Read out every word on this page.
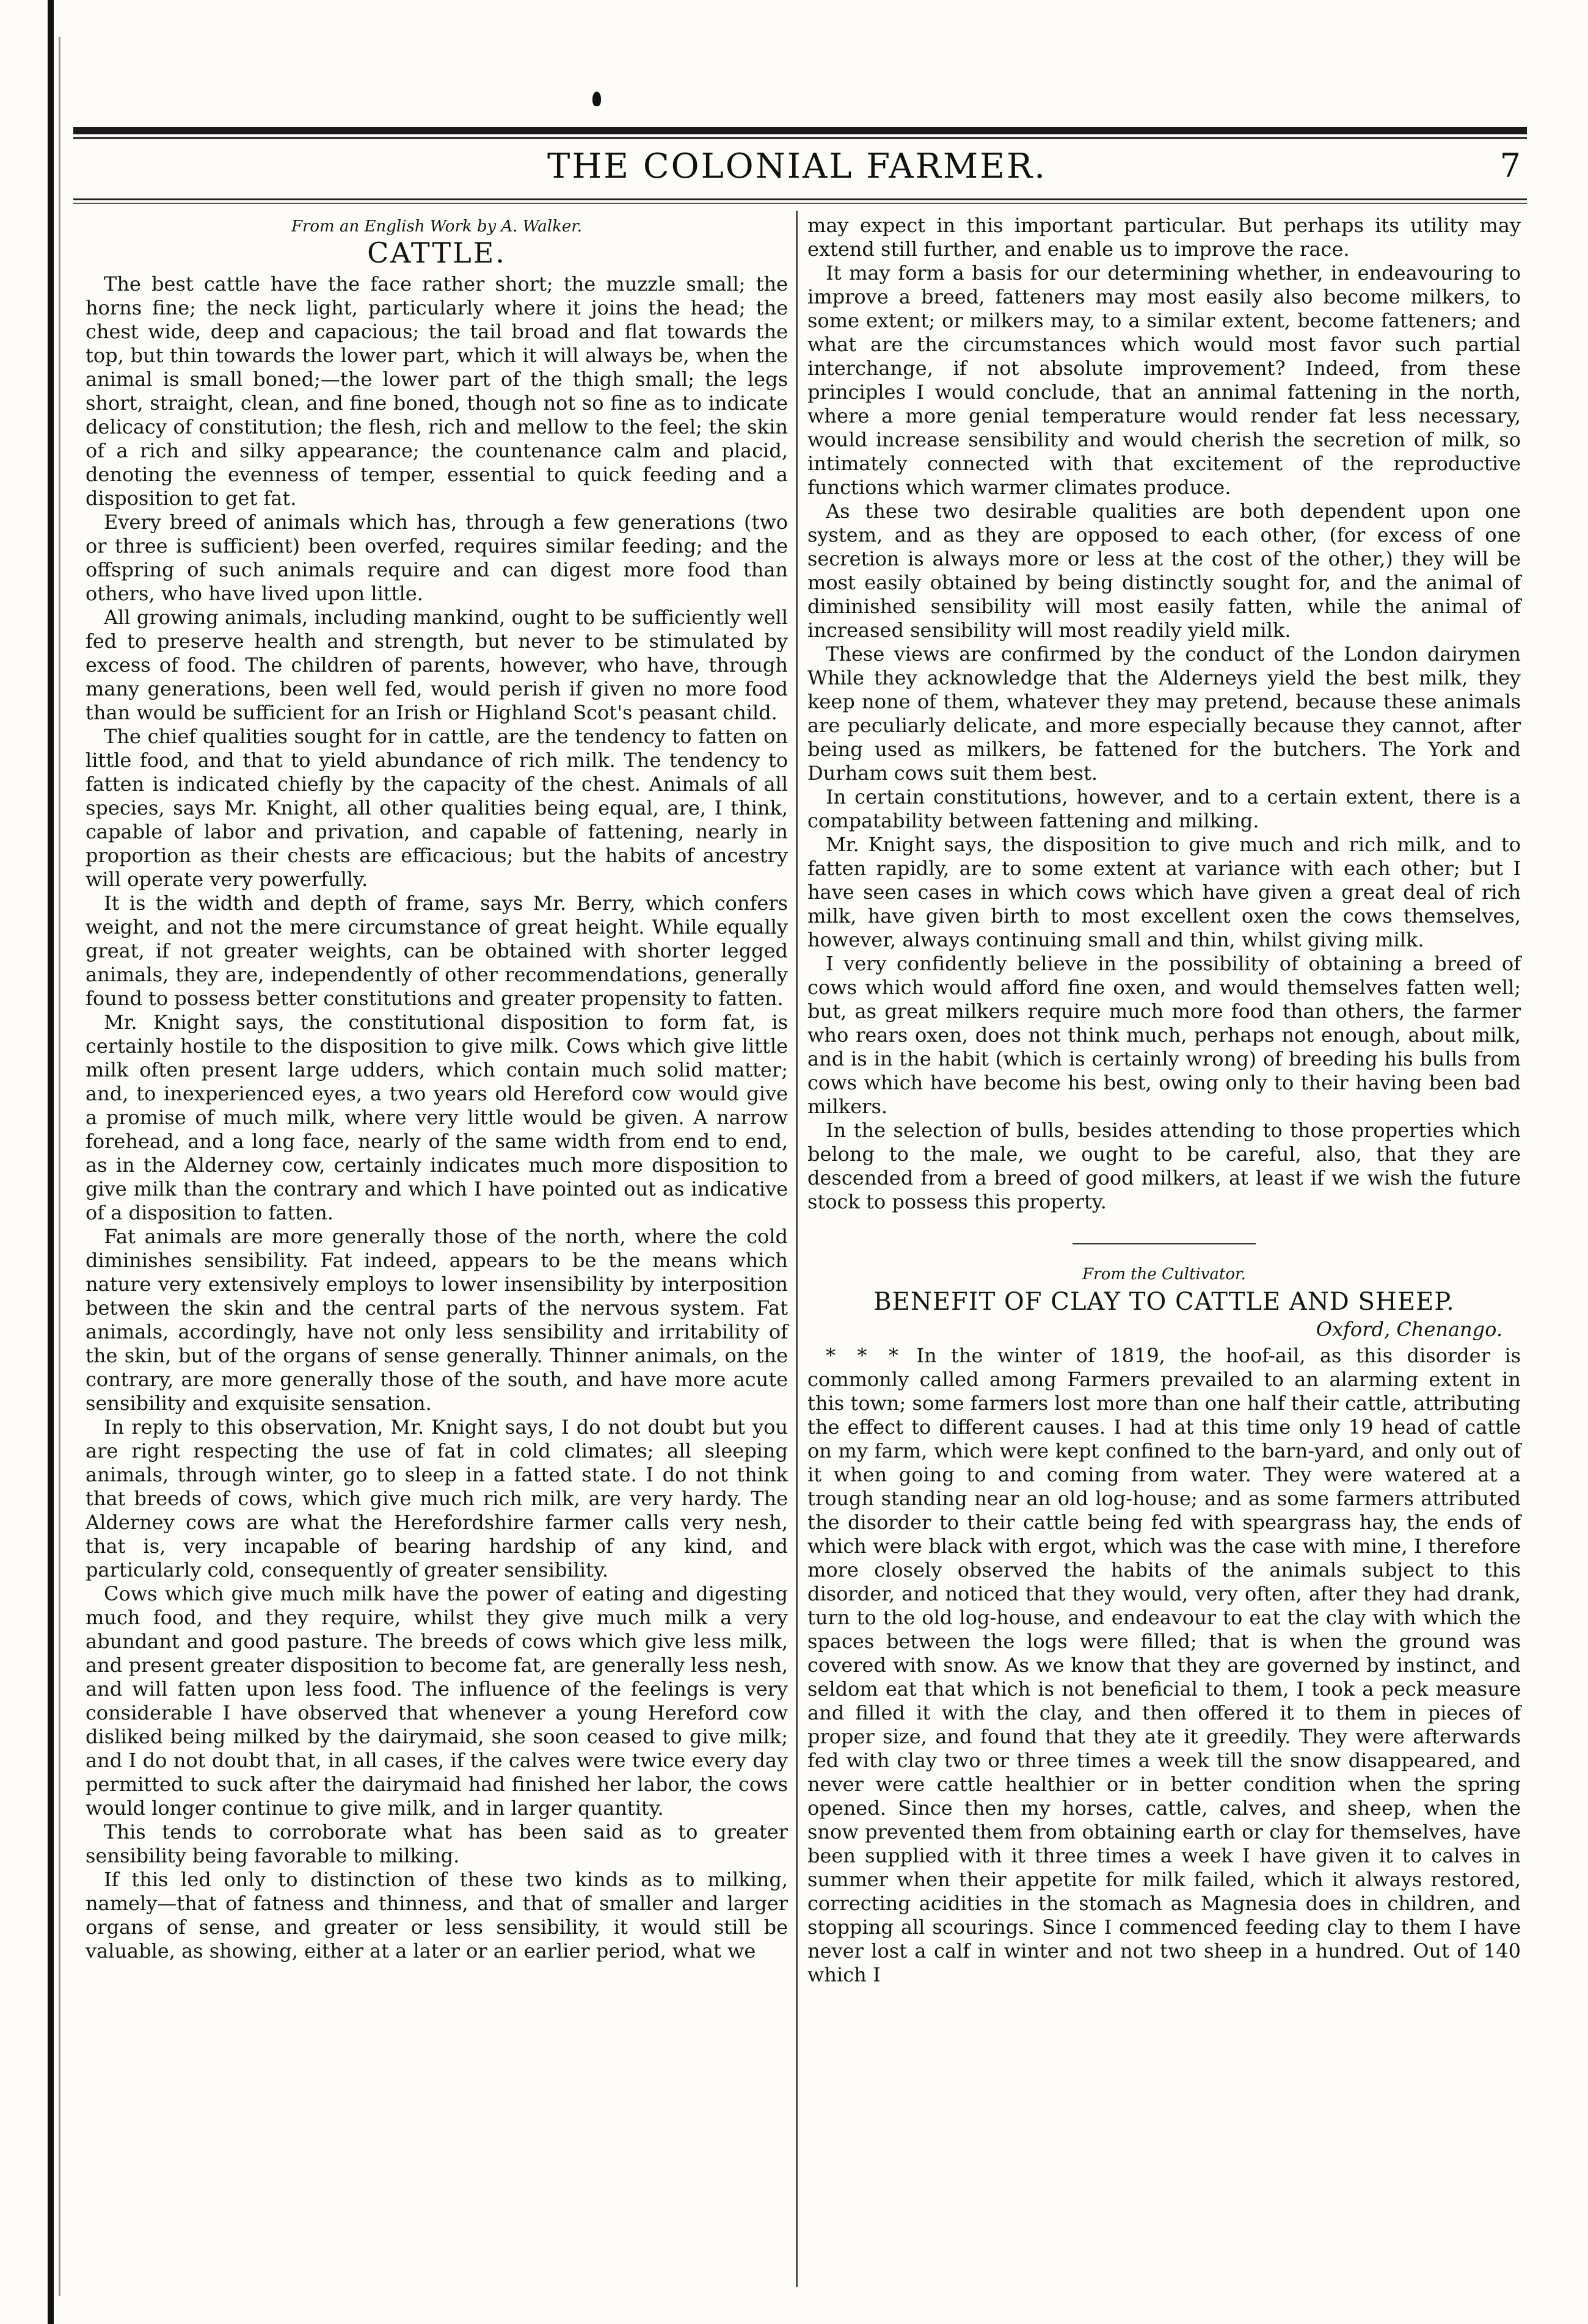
THE COLONIAL FARMER.	7
From an English Work by A. Walker.
CATTLE.

The best cattle have the face rather short; the muzzle small; the horns fine; the neck light, particularly where it joins the head; the chest wide, deep and capacious; the tail broad and flat towards the top, but thin towards the lower part, which it will always be, when the animal is small boned;—the lower part of the thigh small; the legs short, straight, clean, and fine boned, though not so fine as to indicate delicacy of constitution; the flesh, rich and mellow to the feel; the skin of a rich and silky appearance; the countenance calm and placid, denoting the evenness of temper, essential to quick feeding and a disposition to get fat.

Every breed of animals which has, through a few generations (two or three is sufficient) been overfed, requires similar feeding; and the offspring of such animals require and can digest more food than others, who have lived upon little.

All growing animals, including mankind, ought to be sufficiently well fed to preserve health and strength, but never to be stimulated by excess of food. The children of parents, however, who have, through many generations, been well fed, would perish if given no more food than would be sufficient for an Irish or Highland Scot's peasant child.

The chief qualities sought for in cattle, are the tendency to fatten on little food, and that to yield abundance of rich milk. The tendency to fatten is indicated chiefly by the capacity of the chest. Animals of all species, says Mr. Knight, all other qualities being equal, are, I think, capable of labor and privation, and capable of fattening, nearly in proportion as their chests are efficacious; but the habits of ancestry will operate very powerfully.

It is the width and depth of frame, says Mr. Berry, which confers weight, and not the mere circumstance of great height. While equally great, if not greater weights, can be obtained with shorter legged animals, they are, independently of other recommendations, generally found to possess better constitutions and greater propensity to fatten.

Mr. Knight says, the constitutional disposition to form fat, is certainly hostile to the disposition to give milk. Cows which give little milk often present large udders, which contain much solid matter; and, to inexperienced eyes, a two years old Hereford cow would give a promise of much milk, where very little would be given. A narrow forehead, and a long face, nearly of the same width from end to end, as in the Alderney cow, certainly indicates much more disposition to give milk than the contrary and which I have pointed out as indicative of a disposition to fatten.

Fat animals are more generally those of the north, where the cold diminishes sensibility. Fat indeed, appears to be the means which nature very extensively employs to lower insensibility by interposition between the skin and the central parts of the nervous system. Fat animals, accordingly, have not only less sensibility and irritability of the skin, but of the organs of sense generally. Thinner animals, on the contrary, are more generally those of the south, and have more acute sensibility and exquisite sensation.

In reply to this observation, Mr. Knight says, I do not doubt but you are right respecting the use of fat in cold climates; all sleeping animals, through winter, go to sleep in a fatted state. I do not think that breeds of cows, which give much rich milk, are very hardy. The Alderney cows are what the Herefordshire farmer calls very nesh, that is, very incapable of bearing hardship of any kind, and particularly cold, consequently of greater sensibility.

Cows which give much milk have the power of eating and digesting much food, and they require, whilst they give much milk a very abundant and good pasture. The breeds of cows which give less milk, and present greater disposition to become fat, are generally less nesh, and will fatten upon less food. The influence of the feelings is very considerable I have observed that whenever a young Hereford cow disliked being milked by the dairymaid, she soon ceased to give milk; and I do not doubt that, in all cases, if the calves were twice every day permitted to suck after the dairymaid had finished her labor, the cows would longer continue to give milk, and in larger quantity.

This tends to corroborate what has been said as to greater sensibility being favorable to milking.

If this led only to distinction of these two kinds as to milking, namely—that of fatness and thinness, and that of smaller and larger organs of sense, and greater or less sensibility, it would still be valuable, as showing, either at a later or an earlier period, what we

may expect in this important particular. But perhaps its utility may extend still further, and enable us to improve the race.

It may form a basis for our determining whether, in endeavouring to improve a breed, fatteners may most easily also become milkers, to some extent; or milkers may, to a similar extent, become fatteners; and what are the circumstances which would most favor such partial interchange, if not absolute improvement? Indeed, from these principles I would conclude, that an annimal fattening in the north, where a more genial temperature would render fat less necessary, would increase sensibility and would cherish the secretion of milk, so intimately connected with that excitement of the reproductive functions which warmer climates produce.

As these two desirable qualities are both dependent upon one system, and as they are opposed to each other, (for excess of one secretion is always more or less at the cost of the other,) they will be most easily obtained by being distinctly sought for, and the animal of diminished sensibility will most easily fatten, while the animal of increased sensibility will most readily yield milk.

These views are confirmed by the conduct of the London dairymen While they acknowledge that the Alderneys yield the best milk, they keep none of them, whatever they may pretend, because these animals are peculiarly delicate, and more especially because they cannot, after being used as milkers, be fattened for the butchers. The York and Durham cows suit them best.

In certain constitutions, however, and to a certain extent, there is a compatability between fattening and milking.

Mr. Knight says, the disposition to give much and rich milk, and to fatten rapidly, are to some extent at variance with each other; but I have seen cases in which cows which have given a great deal of rich milk, have given birth to most excellent oxen the cows themselves, however, always continuing small and thin, whilst giving milk.

I very confidently believe in the possibility of obtaining a breed of cows which would afford fine oxen, and would themselves fatten well; but, as great milkers require much more food than others, the farmer who rears oxen, does not think much, perhaps not enough, about milk, and is in the habit (which is certainly wrong) of breeding his bulls from cows which have become his best, owing only to their having been bad milkers.

In the selection of bulls, besides attending to those properties which belong to the male, we ought to be careful, also, that they are descended from a breed of good milkers, at least if we wish the future stock to possess this property.

From the Cultivator.
BENEFIT OF CLAY TO CATTLE AND SHEEP.
Oxford, Chenango.

* * * In the winter of 1819, the hoof-ail, as this disorder is commonly called among Farmers prevailed to an alarming extent in this town; some farmers lost more than one half their cattle, attributing the effect to different causes. I had at this time only 19 head of cattle on my farm, which were kept confined to the barn-yard, and only out of it when going to and coming from water. They were watered at a trough standing near an old log-house; and as some farmers attributed the disorder to their cattle being fed with speargrass hay, the ends of which were black with ergot, which was the case with mine, I therefore more closely observed the habits of the animals subject to this disorder, and noticed that they would, very often, after they had drank, turn to the old log-house, and endeavour to eat the clay with which the spaces between the logs were filled; that is when the ground was covered with snow. As we know that they are governed by instinct, and seldom eat that which is not beneficial to them, I took a peck measure and filled it with the clay, and then offered it to them in pieces of proper size, and found that they ate it greedily. They were afterwards fed with clay two or three times a week till the snow disappeared, and never were cattle healthier or in better condition when the spring opened. Since then my horses, cattle, calves, and sheep, when the snow prevented them from obtaining earth or clay for themselves, have been supplied with it three times a week I have given it to calves in summer when their appetite for milk failed, which it always restored, correcting acidities in the stomach as Magnesia does in children, and stopping all scourings. Since I commenced feeding clay to them I have never lost a calf in winter and not two sheep in a hundred. Out of 140 which I
